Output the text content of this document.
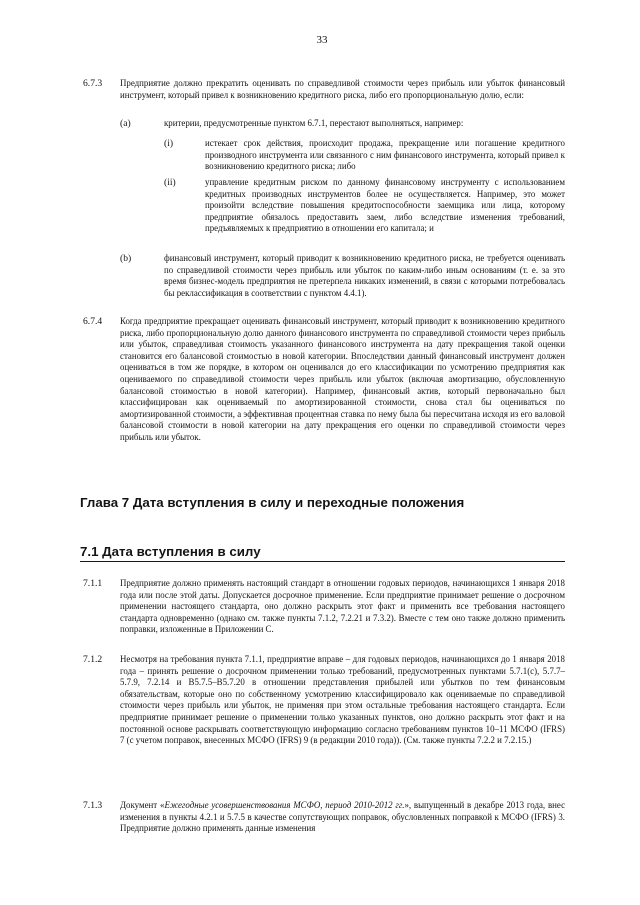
33
6.7.3 Предприятие должно прекратить оценивать по справедливой стоимости через прибыль или убыток финансовый инструмент, который привел к возникновению кредитного риска, либо его пропорциональную долю, если:
(a)	критерии, предусмотренные пунктом 6.7.1, перестают выполняться, например:
(i)	истекает срок действия, происходит продажа, прекращение или погашение кредитного производного инструмента или связанного с ним финансового инструмента, который привел к возникновению кредитного риска; либо
(ii)	управление кредитным риском по данному финансовому инструменту с использованием кредитных производных инструментов более не осуществляется. Например, это может произойти вследствие повышения кредитоспособности заемщика или лица, которому предприятие обязалось предоставить заем, либо вследствие изменения требований, предъявляемых к предприятию в отношении его капитала; и
(b)	финансовый инструмент, который приводит к возникновению кредитного риска, не требуется оценивать по справедливой стоимости через прибыль или убыток по каким-либо иным основаниям (т. е. за это время бизнес-модель предприятия не претерпела никаких изменений, в связи с которыми потребовалась бы реклассификация в соответствии с пунктом 4.4.1).
6.7.4 Когда предприятие прекращает оценивать финансовый инструмент, который приводит к возникновению кредитного риска, либо пропорциональную долю данного финансового инструмента по справедливой стоимости через прибыль или убыток, справедливая стоимость указанного финансового инструмента на дату прекращения такой оценки становится его балансовой стоимостью в новой категории. Впоследствии данный финансовый инструмент должен оцениваться в том же порядке, в котором он оценивался до его классификации по усмотрению предприятия как оцениваемого по справедливой стоимости через прибыль или убыток (включая амортизацию, обусловленную балансовой стоимостью в новой категории). Например, финансовый актив, который первоначально был классифицирован как оцениваемый по амортизированной стоимости, снова стал бы оцениваться по амортизированной стоимости, а эффективная процентная ставка по нему была бы пересчитана исходя из его валовой балансовой стоимости в новой категории на дату прекращения его оценки по справедливой стоимости через прибыль или убыток.
Глава 7 Дата вступления в силу и переходные положения
7.1 Дата вступления в силу
7.1.1 Предприятие должно применять настоящий стандарт в отношении годовых периодов, начинающихся 1 января 2018 года или после этой даты. Допускается досрочное применение. Если предприятие принимает решение о досрочном применении настоящего стандарта, оно должно раскрыть этот факт и применить все требования настоящего стандарта одновременно (однако см. также пункты 7.1.2, 7.2.21 и 7.3.2). Вместе с тем оно также должно применить поправки, изложенные в Приложении C.
7.1.2 Несмотря на требования пункта 7.1.1, предприятие вправе – для годовых периодов, начинающихся до 1 января 2018 года – принять решение о досрочном применении только требований, предусмотренных пунктами 5.7.1(c), 5.7.7–5.7.9, 7.2.14 и B5.7.5–B5.7.20 в отношении представления прибылей или убытков по тем финансовым обязательствам, которые оно по собственному усмотрению классифицировало как оцениваемые по справедливой стоимости через прибыль или убыток, не применяя при этом остальные требования настоящего стандарта. Если предприятие принимает решение о применении только указанных пунктов, оно должно раскрыть этот факт и на постоянной основе раскрывать соответствующую информацию согласно требованиям пунктов 10–11 МСФО (IFRS) 7 (с учетом поправок, внесенных МСФО (IFRS) 9 (в редакции 2010 года)). (См. также пункты 7.2.2 и 7.2.15.)
7.1.3 Документ «Ежегодные усовершенствования МСФО, период 2010-2012 гг.», выпущенный в декабре 2013 года, внес изменения в пункты 4.2.1 и 5.7.5 в качестве сопутствующих поправок, обусловленных поправкой к МСФО (IFRS) 3. Предприятие должно применять данные изменения
